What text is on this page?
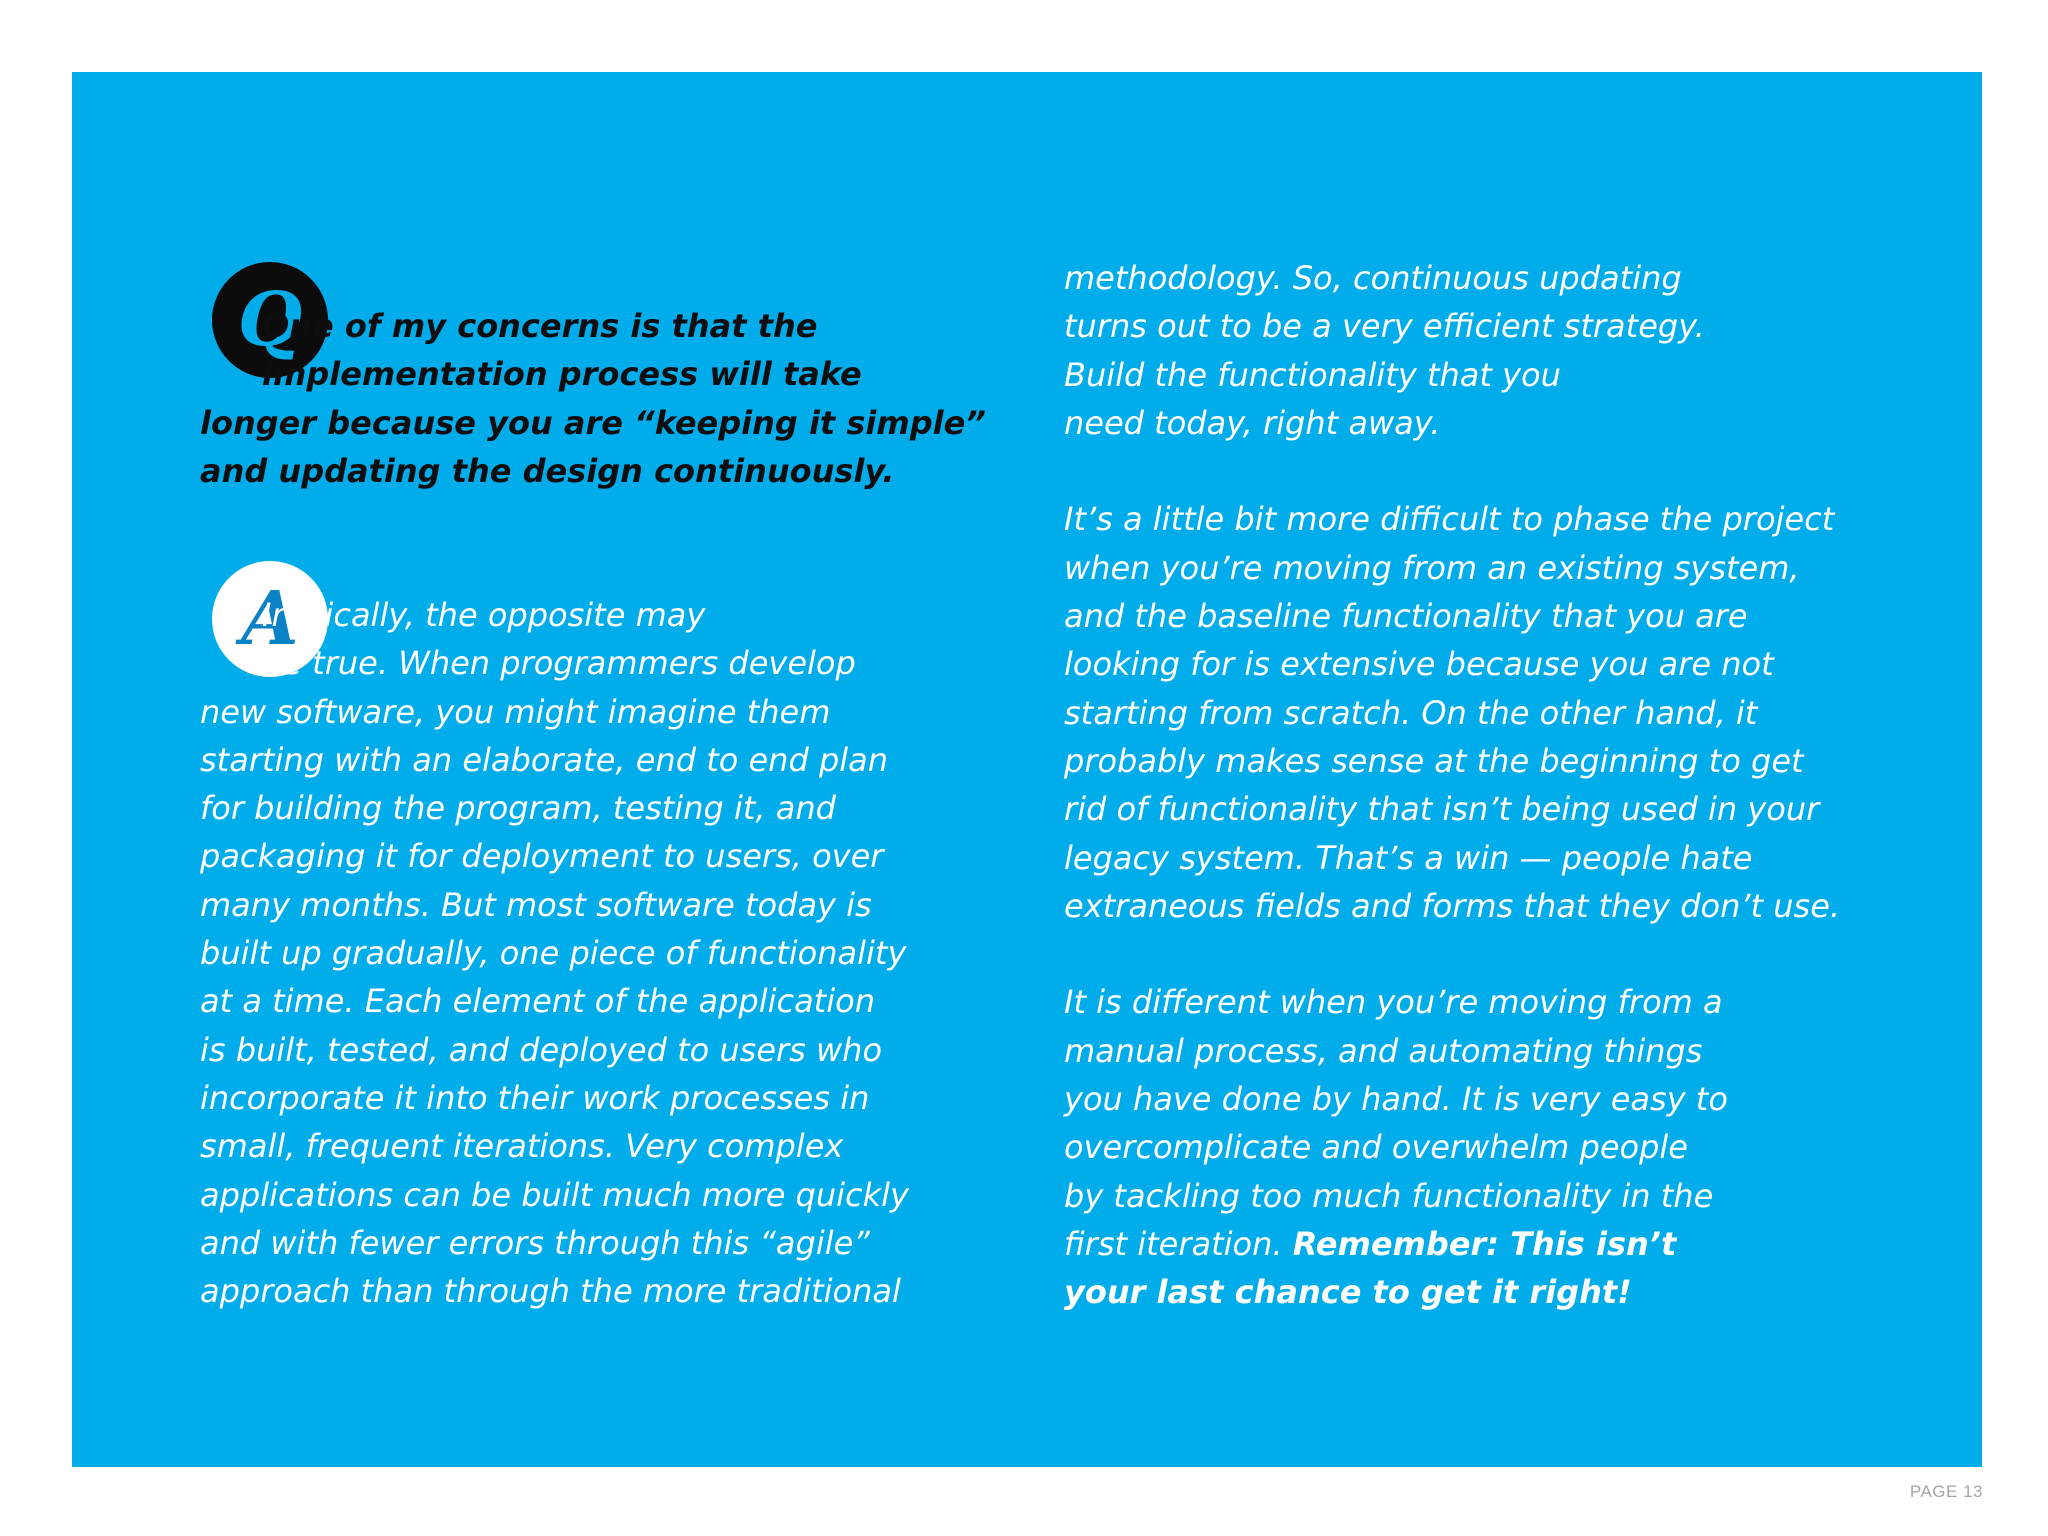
Q
One of my concerns is that the
implementation process will take
longer because you are “keeping it simple”
and updating the design continuously.
A
Ironically, the opposite may
be true. When programmers develop
new software, you might imagine them
starting with an elaborate, end to end plan
for building the program, testing it, and
packaging it for deployment to users, over
many months. But most software today is
built up gradually, one piece of functionality
at a time. Each element of the application
is built, tested, and deployed to users who
incorporate it into their work processes in
small, frequent iterations. Very complex
applications can be built much more quickly
and with fewer errors through this “agile”
approach than through the more traditional
methodology. So, continuous updating
turns out to be a very efficient strategy.
Build the functionality that you
need today, right away.
It’s a little bit more difficult to phase the project
when you’re moving from an existing system,
and the baseline functionality that you are
looking for is extensive because you are not
starting from scratch. On the other hand, it
probably makes sense at the beginning to get
rid of functionality that isn’t being used in your
legacy system. That’s a win — people hate
extraneous fields and forms that they don’t use.
It is different when you’re moving from a
manual process, and automating things
you have done by hand. It is very easy to
overcomplicate and overwhelm people
by tackling too much functionality in the
first iteration. Remember: This isn’t
your last chance to get it right!
PAGE 13
